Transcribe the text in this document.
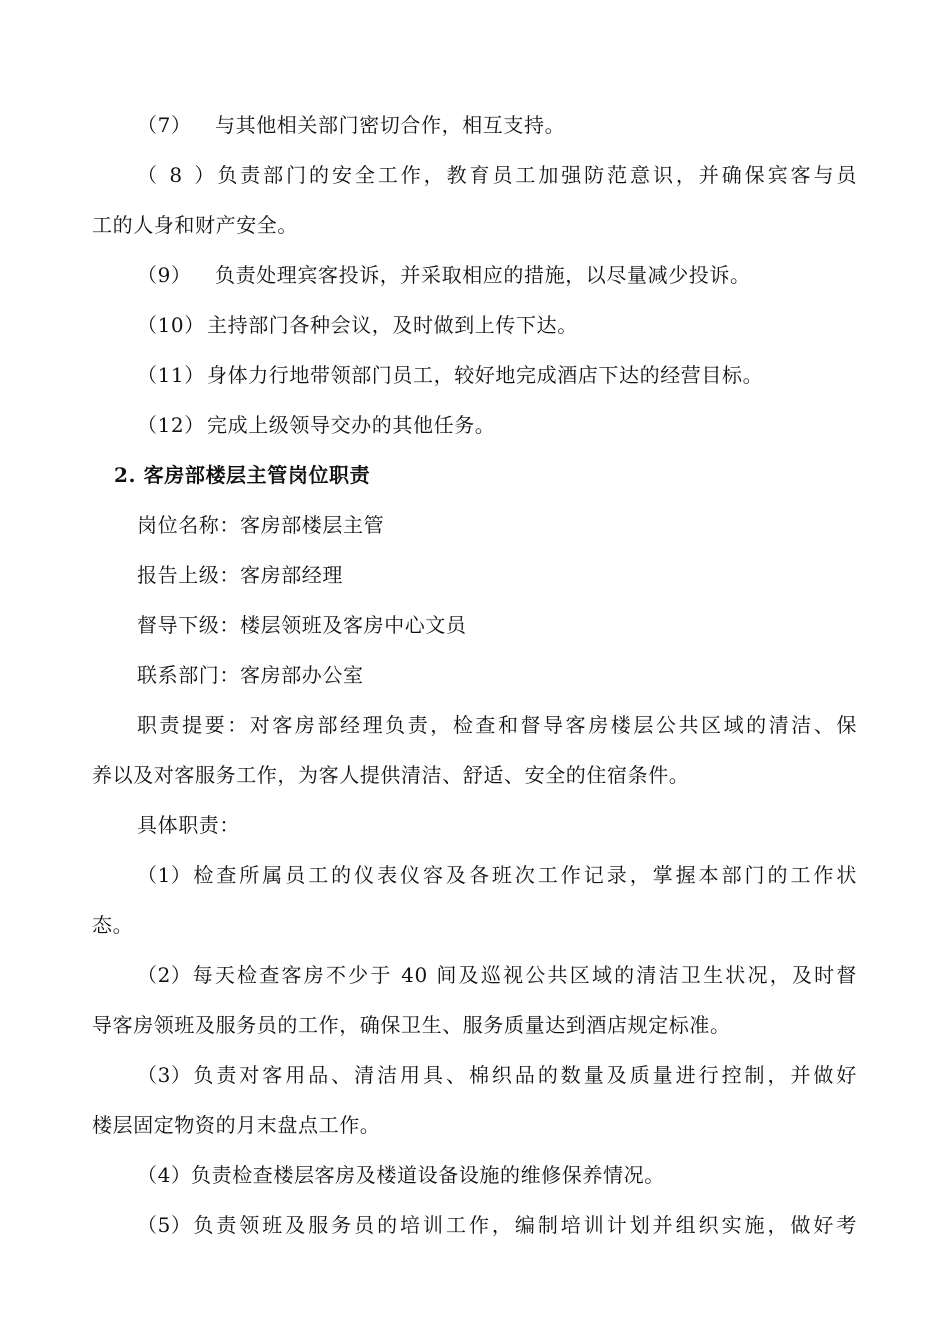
（7） 与其他相关部门密切合作，相互支持。
（8）负责部门的安全工作，教育员工加强防范意识，并确保宾客与员
工的人身和财产安全。
（9） 负责处理宾客投诉，并采取相应的措施，以尽量减少投诉。
（10） 主持部门各种会议，及时做到上传下达。
（11） 身体力行地带领部门员工，较好地完成酒店下达的经营目标。
（12） 完成上级领导交办的其他任务。
2. 客房部楼层主管岗位职责
岗位名称：客房部楼层主管
报告上级：客房部经理
督导下级：楼层领班及客房中心文员
联系部门：客房部办公室
职责提要：对客房部经理负责，检查和督导客房楼层公共区域的清洁、保
养以及对客服务工作，为客人提供清洁、舒适、安全的住宿条件。
具体职责：
（1）检查所属员工的仪表仪容及各班次工作记录，掌握本部门的工作状
态。
（2）每天检查客房不少于 40 间及巡视公共区域的清洁卫生状况，及时督
导客房领班及服务员的工作，确保卫生、服务质量达到酒店规定标准。
（3）负责对客用品、清洁用具、棉织品的数量及质量进行控制，并做好
楼层固定物资的月末盘点工作。
（4）负责检查楼层客房及楼道设备设施的维修保养情况。
（5）负责领班及服务员的培训工作，编制培训计划并组织实施，做好考
